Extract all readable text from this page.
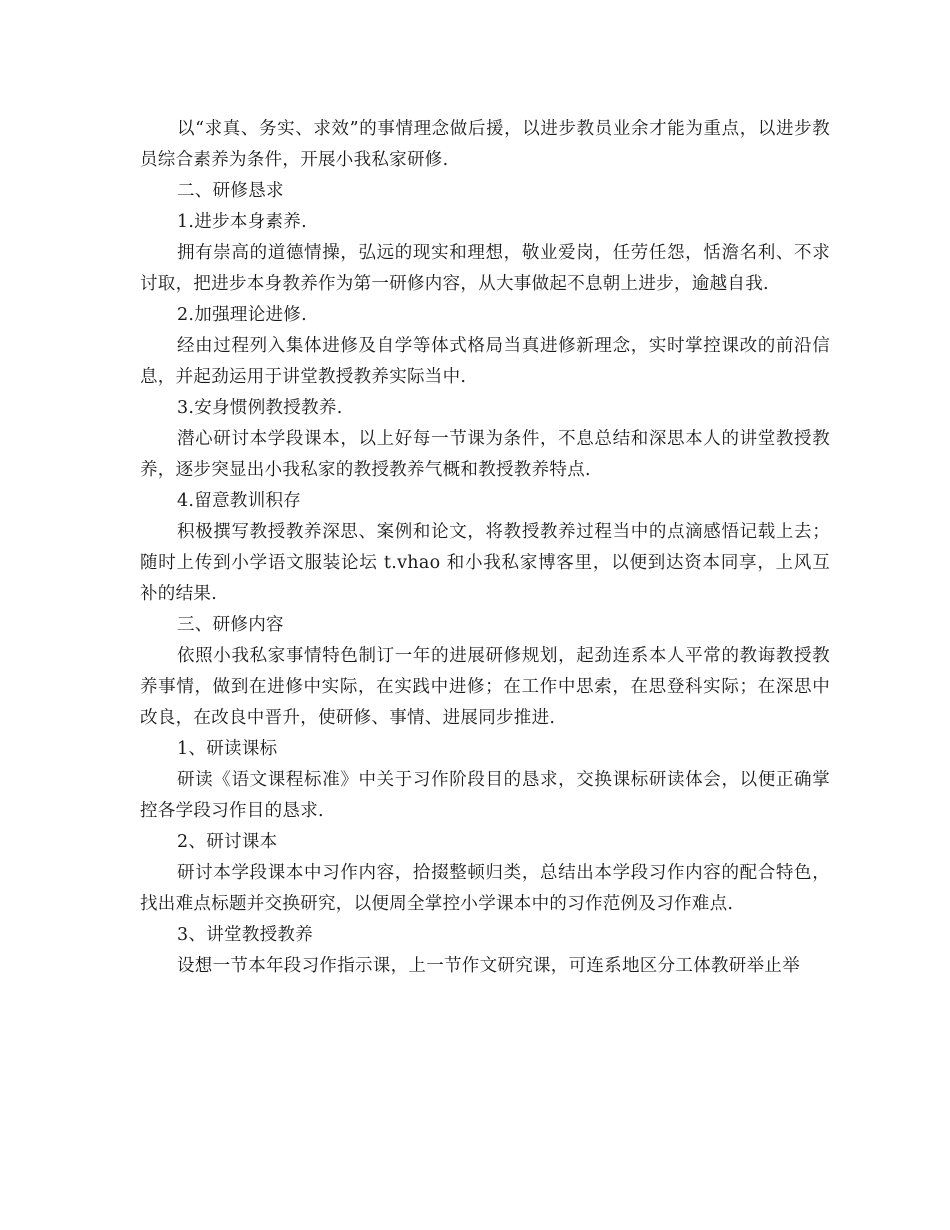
以“求真、务实、求效”的事情理念做后援，以进步教员业余才能为重点，以进步教员综合素养为条件，开展小我私家研修.

二、研修恳求

1.进步本身素养.

拥有崇高的道德情操，弘远的现实和理想，敬业爱岗，任劳任怨，恬澹名利、不求讨取，把进步本身教养作为第一研修内容，从大事做起不息朝上进步，逾越自我.

2.加强理论进修.

经由过程列入集体进修及自学等体式格局当真进修新理念，实时掌控课改的前沿信息，并起劲运用于讲堂教授教养实际当中.

3.安身惯例教授教养.

潜心研讨本学段课本，以上好每一节课为条件，不息总结和深思本人的讲堂教授教养，逐步突显出小我私家的教授教养气概和教授教养特点.

4.留意教训积存

积极撰写教授教养深思、案例和论文，将教授教养过程当中的点滴感悟记载上去；随时上传到小学语文服装论坛 t.vhao 和小我私家博客里，以便到达资本同享，上风互补的结果.

三、研修内容

依照小我私家事情特色制订一年的进展研修规划，起劲连系本人平常的教诲教授教养事情，做到在进修中实际，在实践中进修；在工作中思索，在思登科实际；在深思中改良，在改良中晋升，使研修、事情、进展同步推进.

1、研读课标

研读《语文课程标准》中关于习作阶段目的恳求，交换课标研读体会，以便正确掌控各学段习作目的恳求.

2、研讨课本

研讨本学段课本中习作内容，拾掇整顿归类，总结出本学段习作内容的配合特色，找出难点标题并交换研究，以便周全掌控小学课本中的习作范例及习作难点.

3、讲堂教授教养

设想一节本年段习作指示课，上一节作文研究课，可连系地区分工体教研举止举
